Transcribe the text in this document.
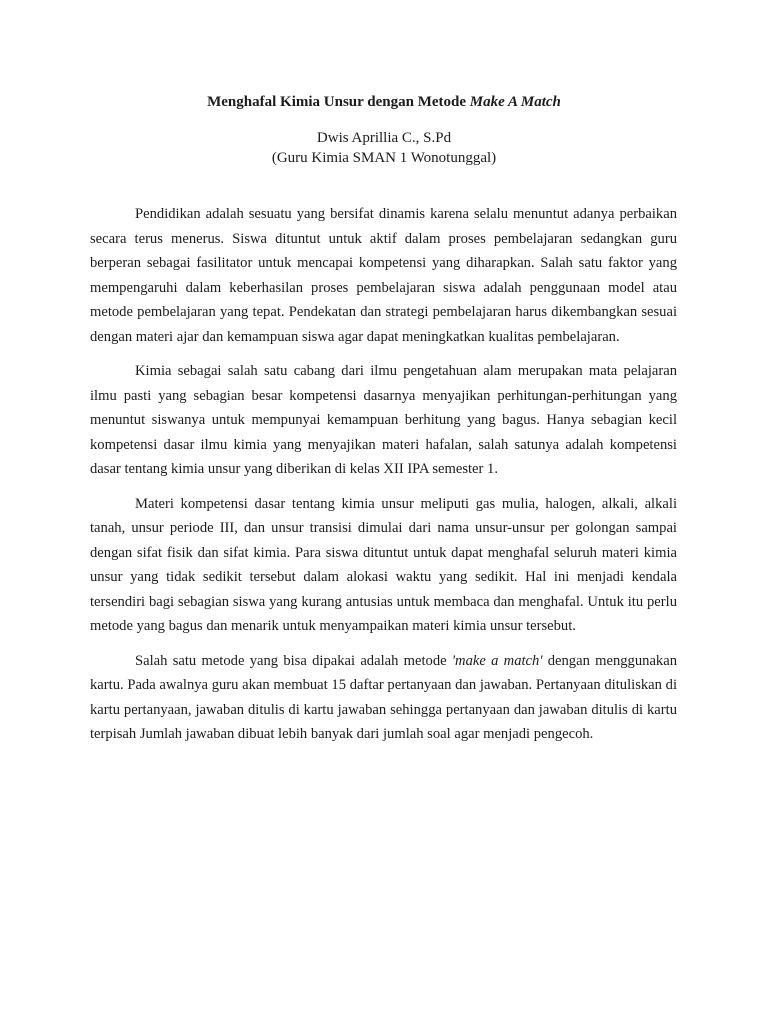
Menghafal Kimia Unsur dengan Metode Make A Match
Dwis Aprillia C., S.Pd
(Guru Kimia SMAN 1 Wonotunggal)

Pendidikan adalah sesuatu yang bersifat dinamis karena selalu menuntut adanya perbaikan secara terus menerus. Siswa dituntut untuk aktif dalam proses pembelajaran sedangkan guru berperan sebagai fasilitator untuk mencapai kompetensi yang diharapkan. Salah satu faktor yang mempengaruhi dalam keberhasilan proses pembelajaran siswa adalah penggunaan model atau metode pembelajaran yang tepat. Pendekatan dan strategi pembelajaran harus dikembangkan sesuai dengan materi ajar dan kemampuan siswa agar dapat meningkatkan kualitas pembelajaran.

Kimia sebagai salah satu cabang dari ilmu pengetahuan alam merupakan mata pelajaran ilmu pasti yang sebagian besar kompetensi dasarnya menyajikan perhitungan-perhitungan yang menuntut siswanya untuk mempunyai kemampuan berhitung yang bagus. Hanya sebagian kecil kompetensi dasar ilmu kimia yang menyajikan materi hafalan, salah satunya adalah kompetensi dasar tentang kimia unsur yang diberikan di kelas XII IPA semester 1.

Materi kompetensi dasar tentang kimia unsur meliputi gas mulia, halogen, alkali, alkali tanah, unsur periode III, dan unsur transisi dimulai dari nama unsur-unsur per golongan sampai dengan sifat fisik dan sifat kimia. Para siswa dituntut untuk dapat menghafal seluruh materi kimia unsur yang tidak sedikit tersebut dalam alokasi waktu yang sedikit. Hal ini menjadi kendala tersendiri bagi sebagian siswa yang kurang antusias untuk membaca dan menghafal. Untuk itu perlu metode yang bagus dan menarik untuk menyampaikan materi kimia unsur tersebut.

Salah satu metode yang bisa dipakai adalah metode 'make a match' dengan menggunakan kartu. Pada awalnya guru akan membuat 15 daftar pertanyaan dan jawaban. Pertanyaan dituliskan di kartu pertanyaan, jawaban ditulis di kartu jawaban sehingga pertanyaan dan jawaban ditulis di kartu terpisah Jumlah jawaban dibuat lebih banyak dari jumlah soal agar menjadi pengecoh.
